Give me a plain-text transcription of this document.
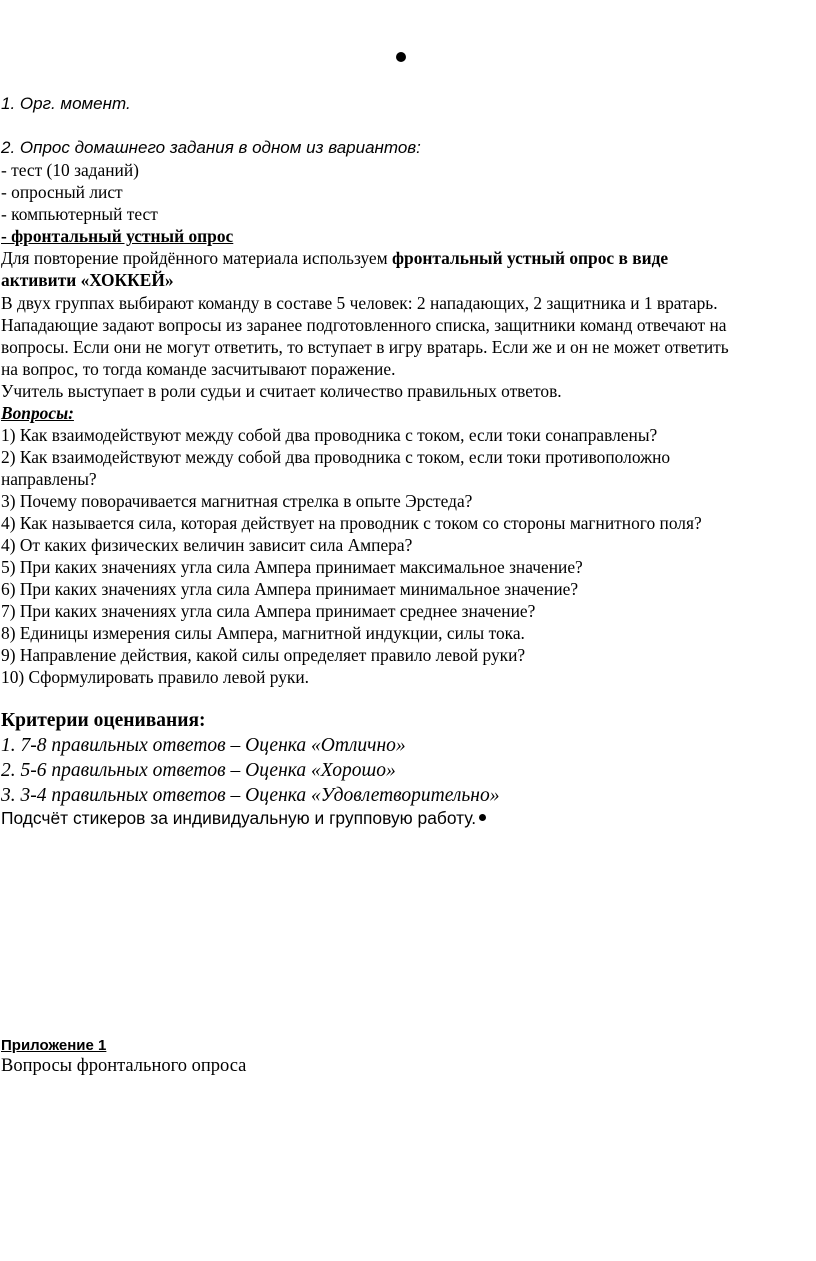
1. Орг. момент.
2. Опрос домашнего задания в одном из вариантов:
- тест (10 заданий)
- опросный лист
- компьютерный тест
- фронтальный устный опрос
Для повторение пройдённого материала используем фронтальный устный опрос в виде
активити «ХОККЕЙ»
В двух группах выбирают команду в составе 5 человек: 2 нападающих, 2 защитника и 1 вратарь.
Нападающие задают вопросы из заранее подготовленного списка, защитники команд отвечают на
вопросы. Если они не могут ответить, то вступает в игру вратарь. Если же и он не может ответить
на вопрос, то тогда команде засчитывают поражение.
Учитель выступает в роли судьи и считает количество правильных ответов.
Вопросы:
1) Как взаимодействуют между собой два проводника с током, если токи сонаправлены?
2) Как взаимодействуют между собой два проводника с током, если токи противоположно
направлены?
3) Почему поворачивается магнитная стрелка в опыте Эрстеда?
4) Как называется сила, которая действует на проводник с током со стороны магнитного поля?
4) От каких физических величин зависит сила Ампера?
5) При каких значениях угла сила Ампера принимает максимальное значение?
6) При каких значениях угла сила Ампера принимает минимальное значение?
7) При каких значениях угла сила Ампера принимает среднее значение?
8) Единицы измерения силы Ампера, магнитной индукции, силы тока.
9) Направление действия, какой силы определяет правило левой руки?
10) Сформулировать правило левой руки.
Критерии оценивания:
1. 7-8 правильных ответов – Оценка «Отлично»
2. 5-6 правильных ответов – Оценка «Хорошо»
3. 3-4 правильных ответов – Оценка «Удовлетворительно»
Подсчёт стикеров за индивидуальную и групповую работу.
Приложение 1
Вопросы фронтального опроса
